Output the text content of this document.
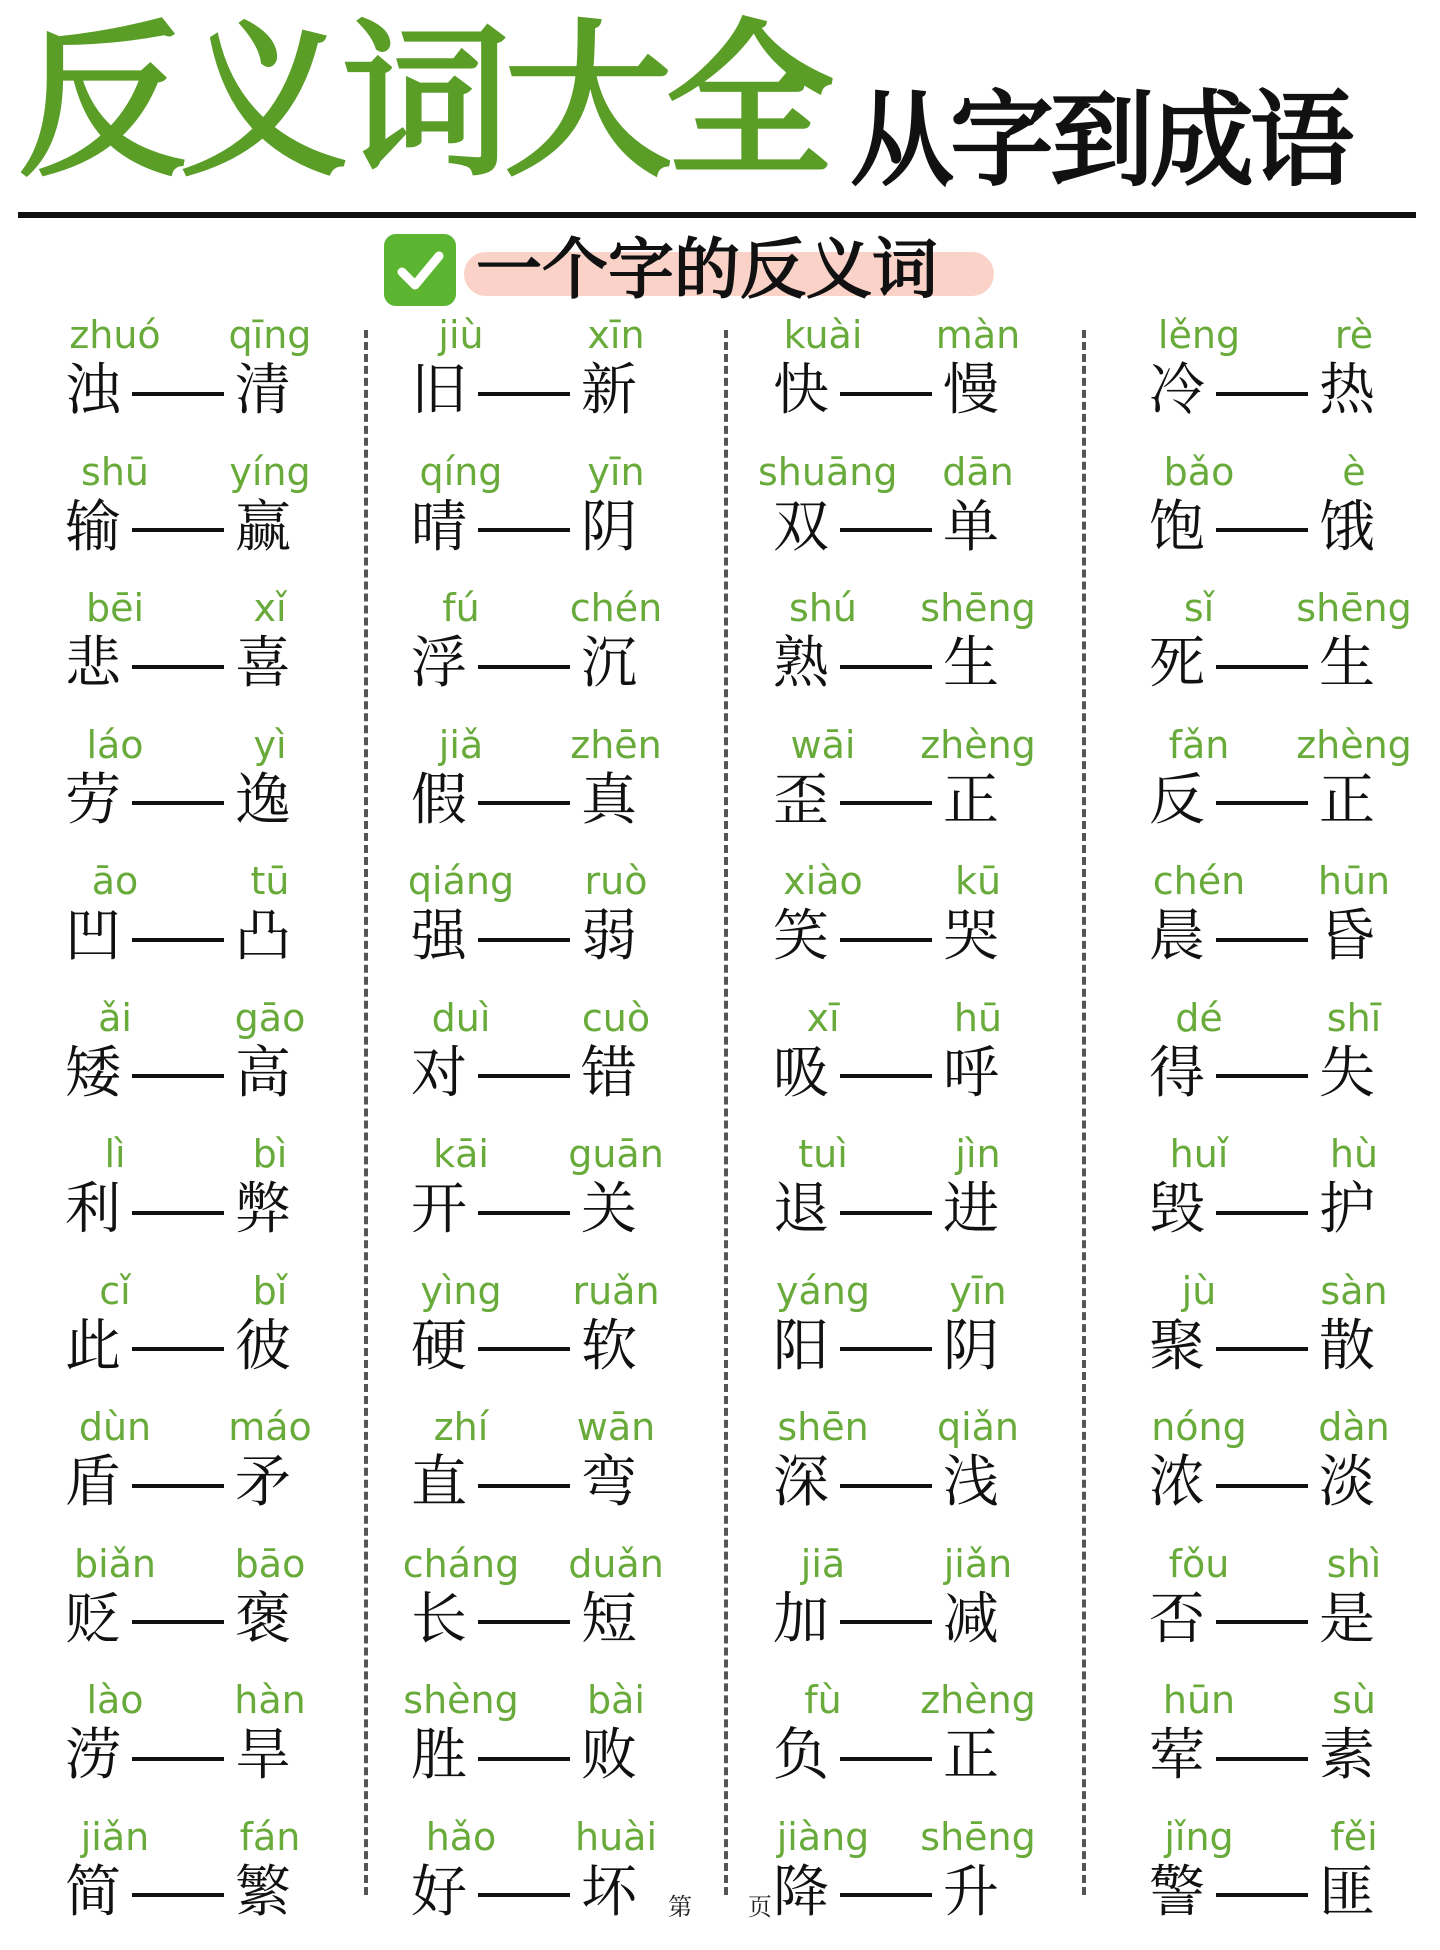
反义词大全 从字到成语
一个字的反义词
zhuó	qīng
浊 清
shū	yíng
输 赢
bēi	xǐ
悲 喜
láo	yì
劳 逸
āo	tū
凹 凸
ǎi	gāo
矮 高
lì	bì
利 弊
cǐ	bǐ
此 彼
dùn	máo
盾 矛
biǎn	bāo
贬 褒
lào	hàn
涝 旱
jiǎn	fán
简 繁
jiù	xīn
旧 新
qíng	yīn
晴 阴
fú	chén
浮 沉
jiǎ	zhēn
假 真
qiáng	ruò
强 弱
duì	cuò
对 错
kāi	guān
开 关
yìng	ruǎn
硬 软
zhí	wān
直 弯
cháng	duǎn
长 短
shèng	bài
胜 败
hǎo	huài
好 坏
kuài	màn
快 慢
shuāng	dān
双 单
shú	shēng
熟 生
wāi	zhèng
歪 正
xiào	kū
笑 哭
xī	hū
吸 呼
tuì	jìn
退 进
yáng	yīn
阳 阴
shēn	qiǎn
深 浅
jiā	jiǎn
加 减
fù	zhèng
负 正
jiàng	shēng
降 升
lěng	rè
冷 热
bǎo	è
饱 饿
sǐ	shēng
死 生
fǎn	zhèng
反 正
chén	hūn
晨 昏
dé	shī
得 失
huǐ	hù
毁 护
jù	sàn
聚 散
nóng	dàn
浓 淡
fǒu	shì
否 是
hūn	sù
荤 素
jǐng	fěi
警 匪
第 页
